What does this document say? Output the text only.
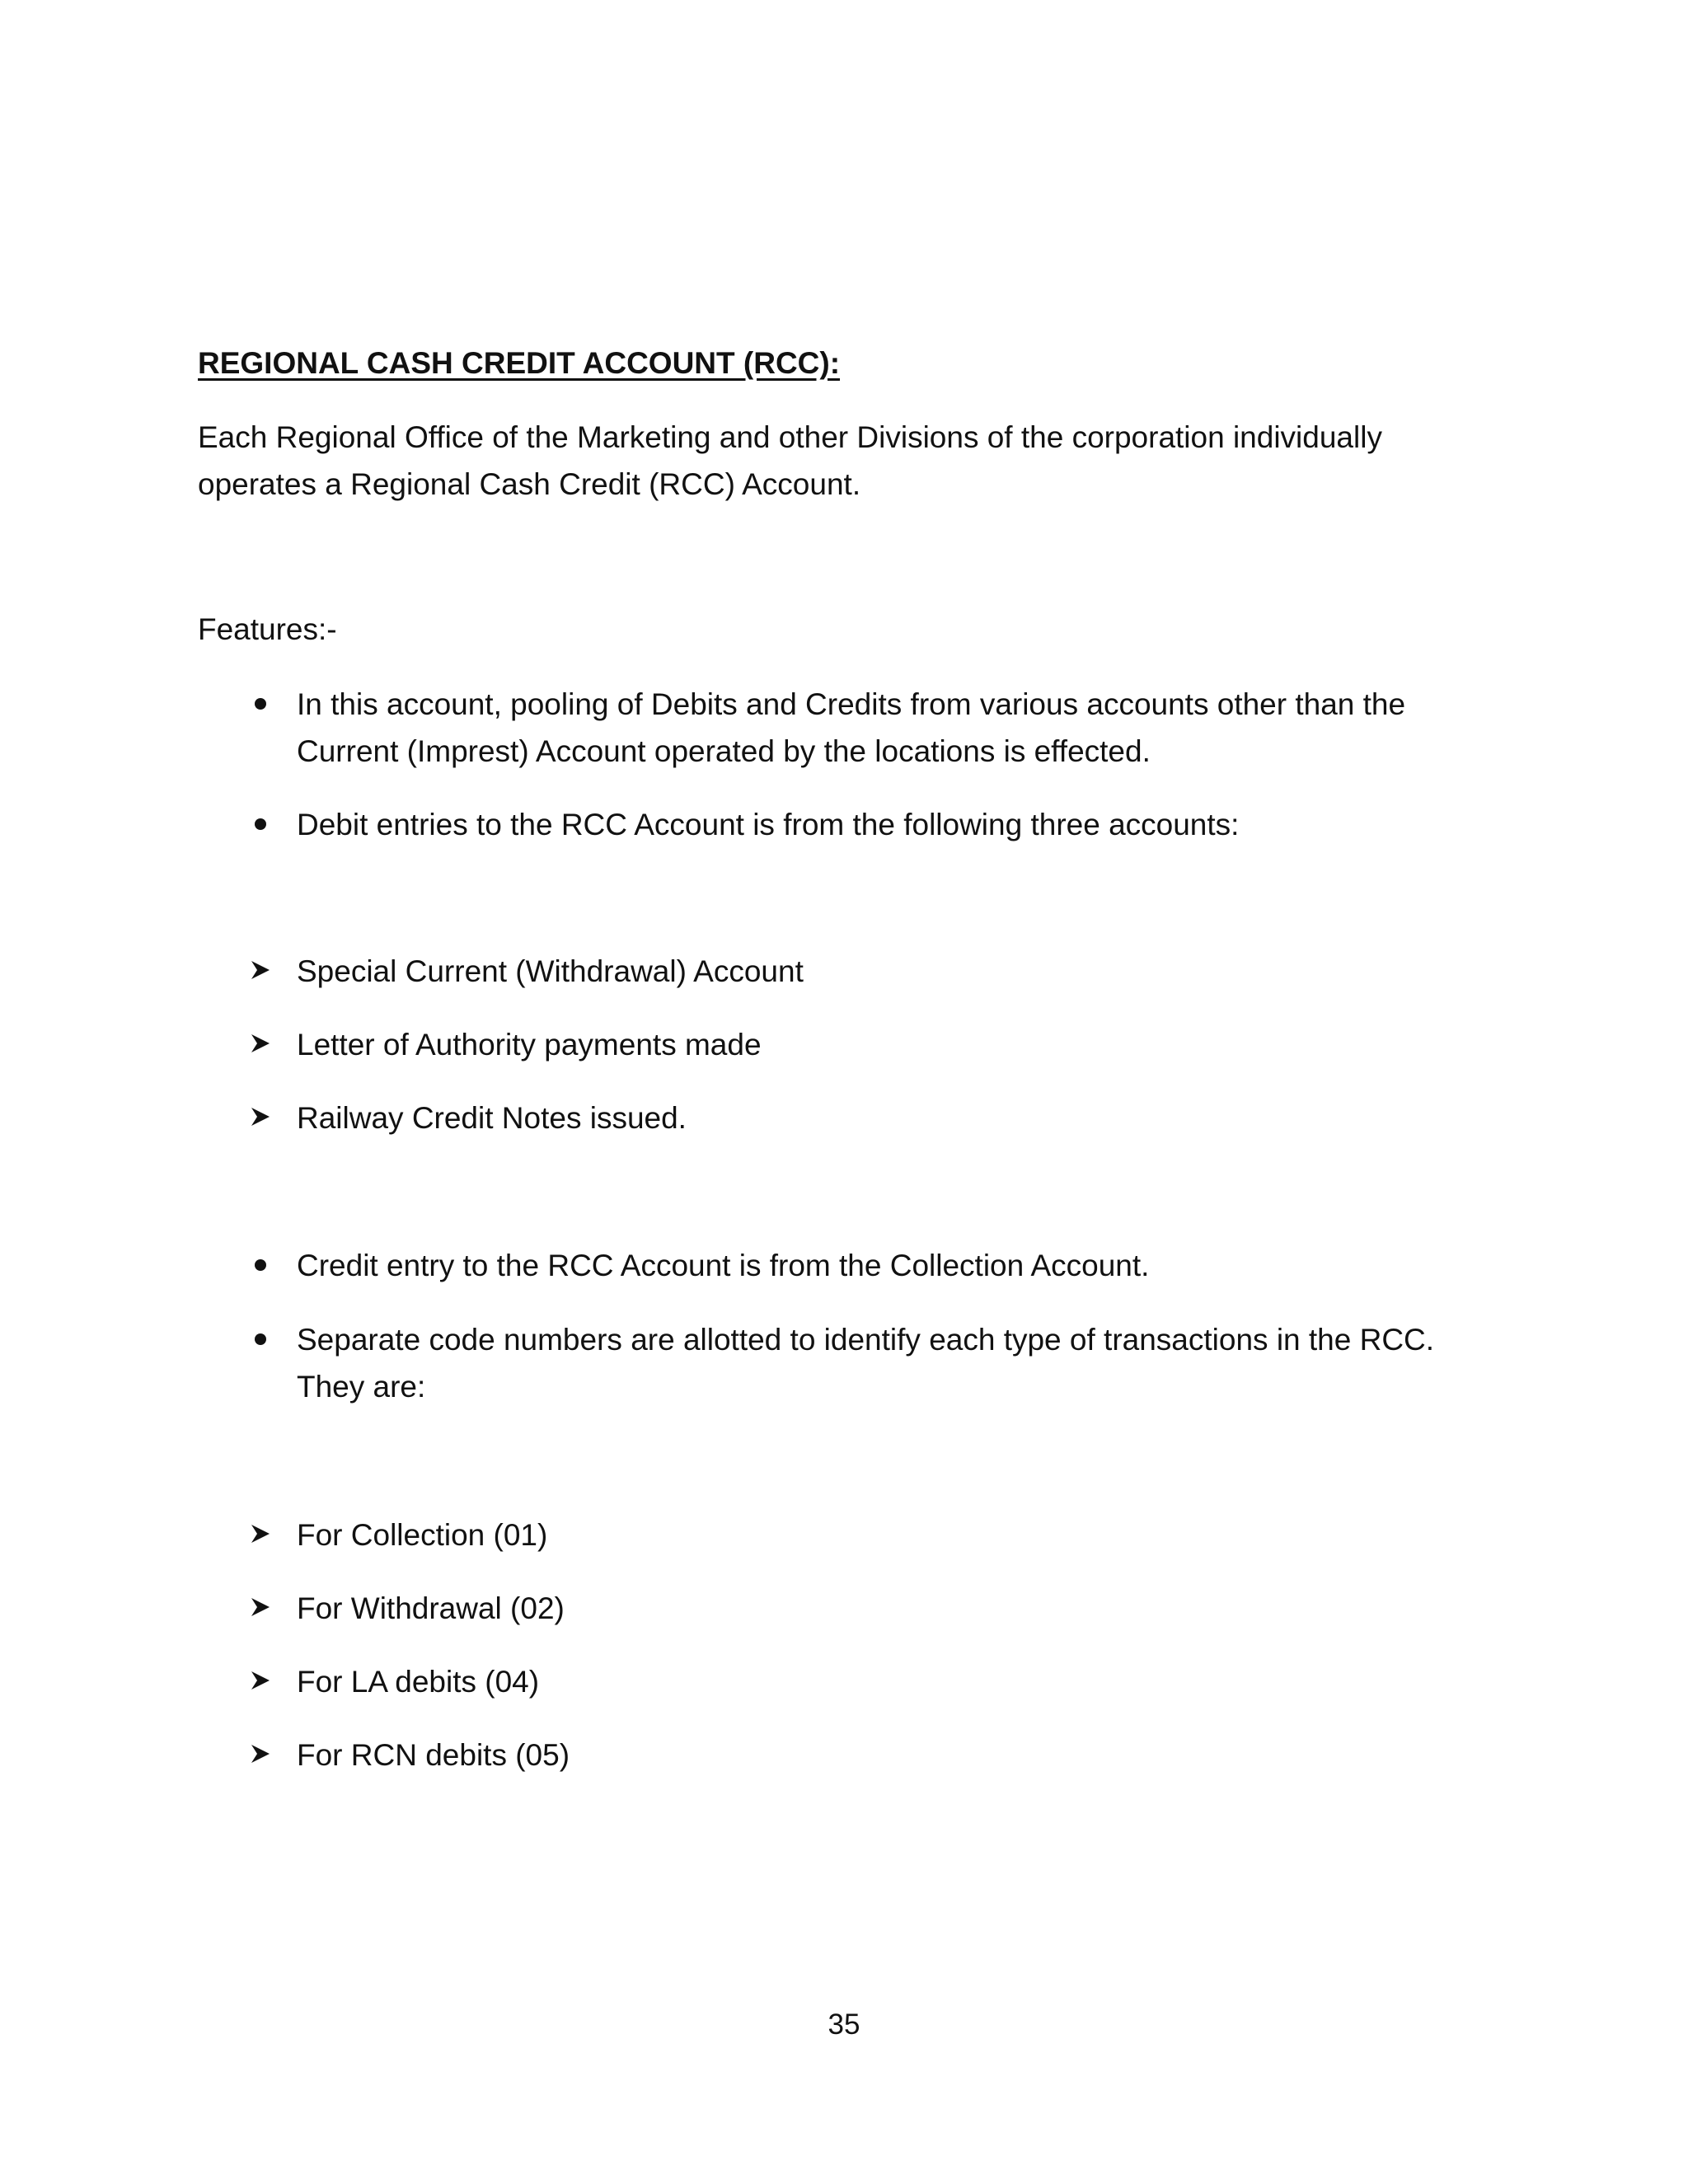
REGIONAL CASH CREDIT ACCOUNT (RCC):
Each Regional Office of the Marketing and other Divisions of the corporation individually
operates a Regional Cash Credit (RCC) Account.
Features:-
In this account, pooling of Debits and Credits from various accounts other than the
Current (Imprest) Account operated by the locations is effected.
Debit entries to the RCC Account is from the following three accounts:
Special Current (Withdrawal) Account
Letter of Authority payments made
Railway Credit Notes issued.
Credit entry to the RCC Account is from the Collection Account.
Separate code numbers are allotted to identify each type of transactions in the RCC.
They are:
For Collection (01)
For Withdrawal (02)
For LA debits (04)
For RCN debits (05)
35
